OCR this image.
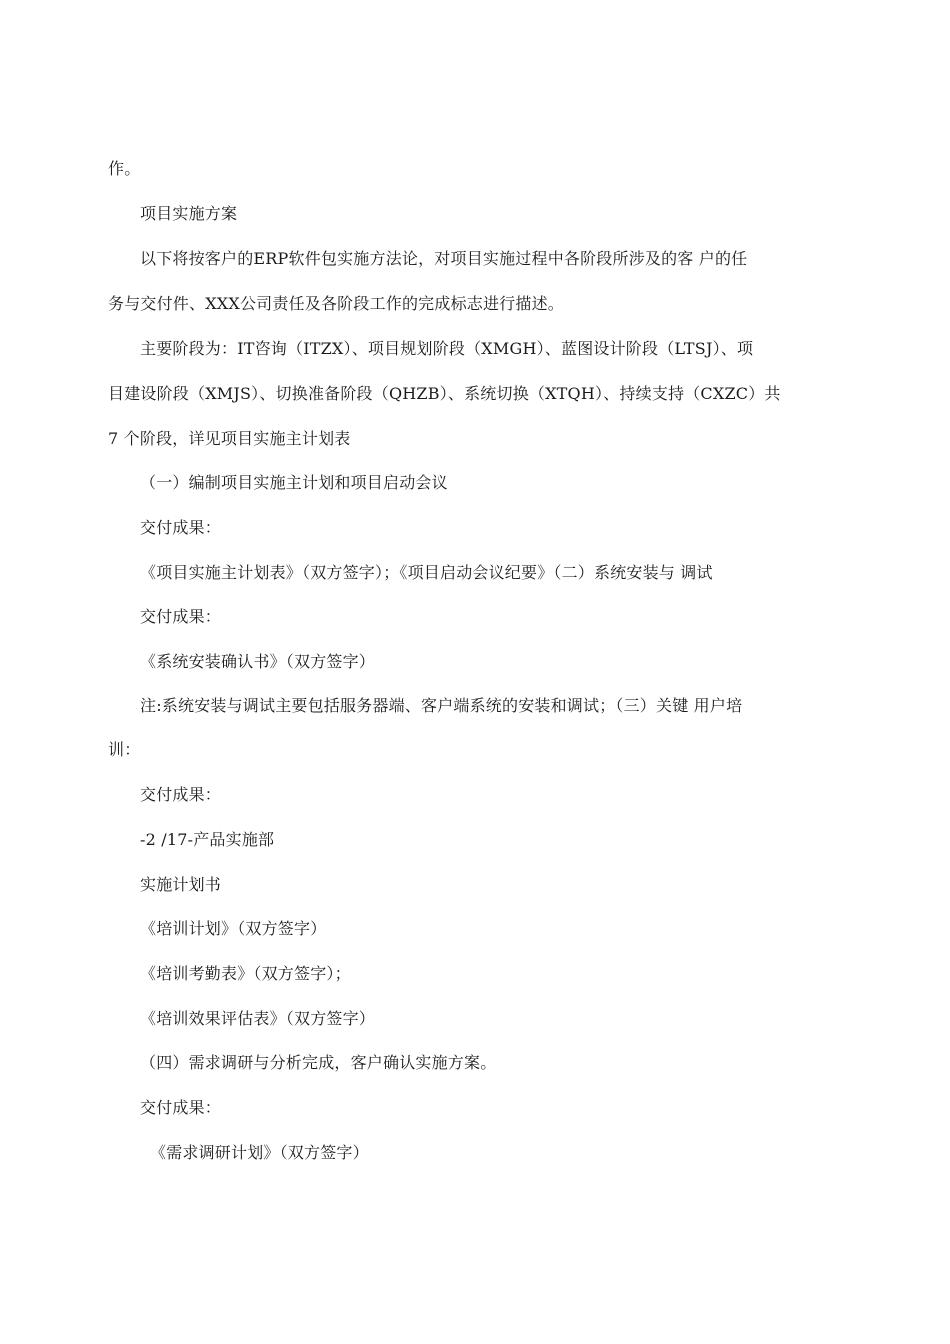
作。
项目实施方案
以下将按客户的ERP软件包实施方法论，对项目实施过程中各阶段所涉及的客 户的任
务与交付件、XXX公司责任及各阶段工作的完成标志进行描述。
主要阶段为：IT咨询（ITZX）、项目规划阶段（XMGH）、蓝图设计阶段（LTSJ）、项
目建设阶段（XMJS）、切换准备阶段（QHZB）、系统切换（XTQH）、持续支持（CXZC）共
7 个阶段，详见项目实施主计划表
（一）编制项目实施主计划和项目启动会议
交付成果：
《项目实施主计划表》（双方签字）；《项目启动会议纪要》（二）系统安装与 调试
交付成果：
《系统安装确认书》（双方签字）
注:系统安装与调试主要包括服务器端、客户端系统的安装和调试；（三）关键 用户培
训：
交付成果：
-2 /17-产品实施部
实施计划书
《培训计划》（双方签字）
《培训考勤表》（双方签字）；
《培训效果评估表》（双方签字）
（四）需求调研与分析完成，客户确认实施方案。
交付成果：
《需求调研计划》（双方签字）
